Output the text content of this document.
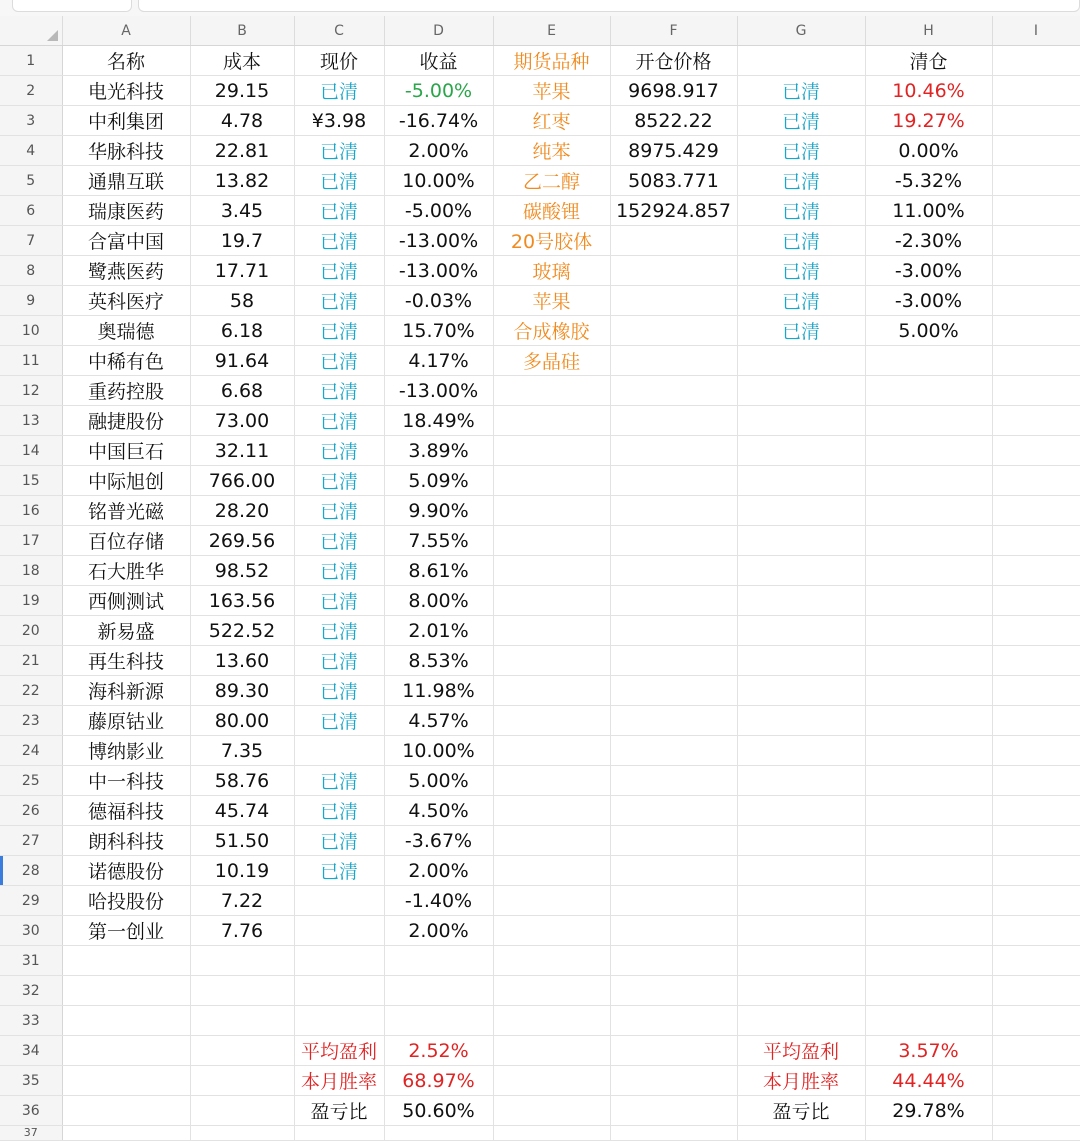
	A	B	C	D	E	F	G	H	I
1	名称	成本	现价	收益	期货品种	开仓价格		清仓	
2	电光科技	29.15	已清	-5.00%	苹果	9698.917	已清	10.46%	
3	中利集团	4.78	¥3.98	-16.74%	红枣	8522.22	已清	19.27%	
4	华脉科技	22.81	已清	2.00%	纯苯	8975.429	已清	0.00%	
5	通鼎互联	13.82	已清	10.00%	乙二醇	5083.771	已清	-5.32%	
6	瑞康医药	3.45	已清	-5.00%	碳酸锂	152924.857	已清	11.00%	
7	合富中国	19.7	已清	-13.00%	20号胶体		已清	-2.30%	
8	鹭燕医药	17.71	已清	-13.00%	玻璃		已清	-3.00%	
9	英科医疗	58	已清	-0.03%	苹果		已清	-3.00%	
10	奥瑞德	6.18	已清	15.70%	合成橡胶		已清	5.00%	
11	中稀有色	91.64	已清	4.17%	多晶硅				
12	重药控股	6.68	已清	-13.00%					
13	融捷股份	73.00	已清	18.49%					
14	中国巨石	32.11	已清	3.89%					
15	中际旭创	766.00	已清	5.09%					
16	铭普光磁	28.20	已清	9.90%					
17	百位存储	269.56	已清	7.55%					
18	石大胜华	98.52	已清	8.61%					
19	西侧测试	163.56	已清	8.00%					
20	新易盛	522.52	已清	2.01%					
21	再生科技	13.60	已清	8.53%					
22	海科新源	89.30	已清	11.98%					
23	藤原钴业	80.00	已清	4.57%					
24	博纳影业	7.35		10.00%					
25	中一科技	58.76	已清	5.00%					
26	德福科技	45.74	已清	4.50%					
27	朗科科技	51.50	已清	-3.67%					
28	诺德股份	10.19	已清	2.00%					
29	哈投股份	7.22		-1.40%					
30	第一创业	7.76		2.00%					
31									
32									
33									
34			平均盈利	2.52%			平均盈利	3.57%	
35			本月胜率	68.97%			本月胜率	44.44%	
36			盈亏比	50.60%			盈亏比	29.78%	
37									
